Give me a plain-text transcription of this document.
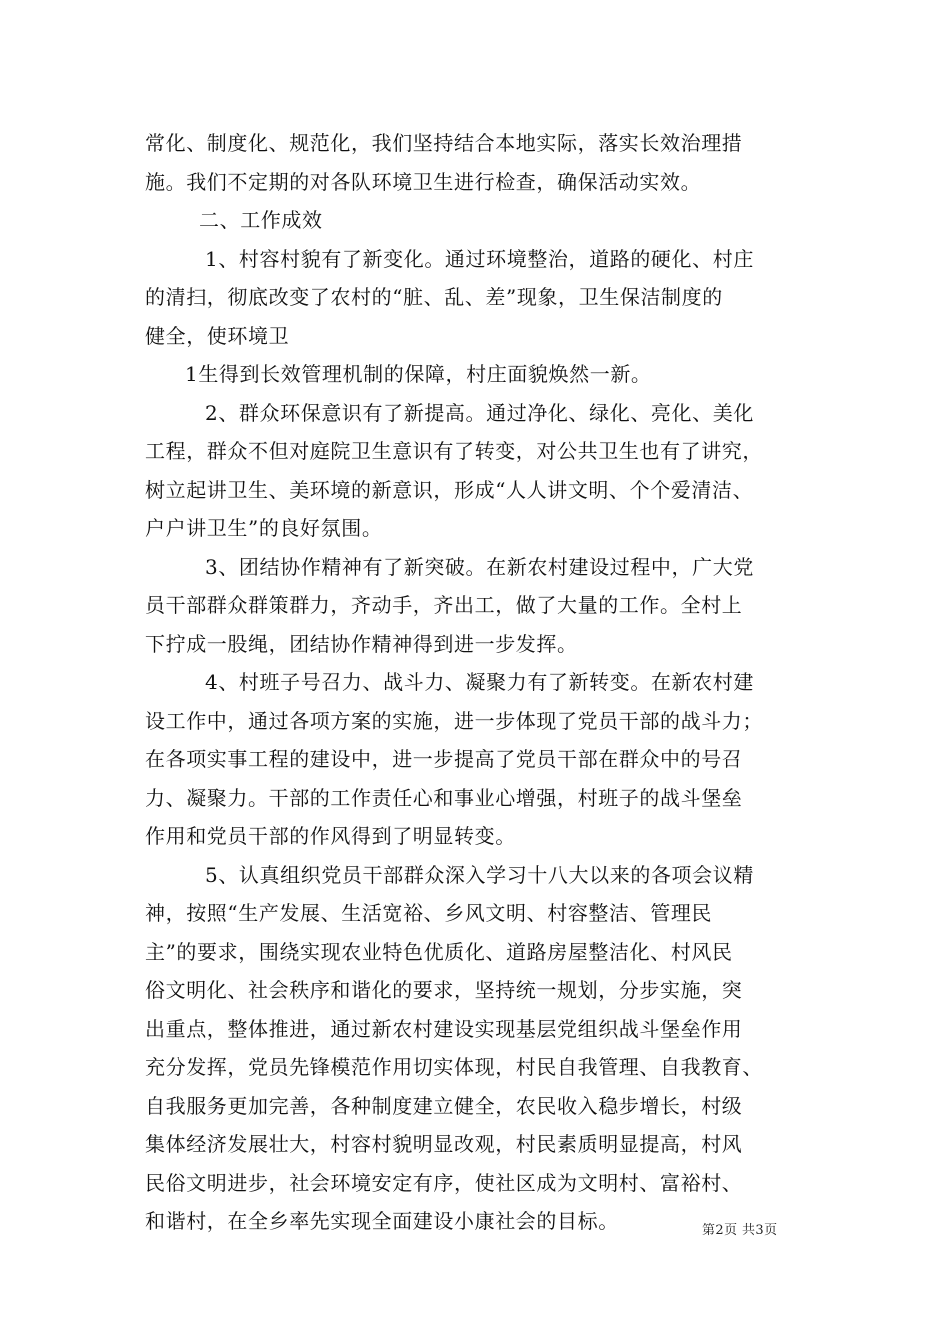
常化、制度化、规范化，我们坚持结合本地实际，落实长效治理措
施。我们不定期的对各队环境卫生进行检查，确保活动实效。
二、工作成效
1、村容村貌有了新变化。通过环境整治，道路的硬化、村庄
的清扫，彻底改变了农村的“脏、乱、差”现象，卫生保洁制度的
健全，使环境卫
1生得到长效管理机制的保障，村庄面貌焕然一新。
2、群众环保意识有了新提高。通过净化、绿化、亮化、美化
工程，群众不但对庭院卫生意识有了转变，对公共卫生也有了讲究，
树立起讲卫生、美环境的新意识，形成“人人讲文明、个个爱清洁、
户户讲卫生”的良好氛围。
3、团结协作精神有了新突破。在新农村建设过程中，广大党
员干部群众群策群力，齐动手，齐出工，做了大量的工作。全村上
下拧成一股绳，团结协作精神得到进一步发挥。
4、村班子号召力、战斗力、凝聚力有了新转变。在新农村建
设工作中，通过各项方案的实施，进一步体现了党员干部的战斗力；
在各项实事工程的建设中，进一步提高了党员干部在群众中的号召
力、凝聚力。干部的工作责任心和事业心增强，村班子的战斗堡垒
作用和党员干部的作风得到了明显转变。
5、认真组织党员干部群众深入学习十八大以来的各项会议精
神，按照“生产发展、生活宽裕、乡风文明、村容整洁、管理民
主”的要求，围绕实现农业特色优质化、道路房屋整洁化、村风民
俗文明化、社会秩序和谐化的要求，坚持统一规划，分步实施，突
出重点，整体推进，通过新农村建设实现基层党组织战斗堡垒作用
充分发挥，党员先锋模范作用切实体现，村民自我管理、自我教育、
自我服务更加完善，各种制度建立健全，农民收入稳步增长，村级
集体经济发展壮大，村容村貌明显改观，村民素质明显提高，村风
民俗文明进步，社会环境安定有序，使社区成为文明村、富裕村、
和谐村，在全乡率先实现全面建设小康社会的目标。	第2页 共3页
